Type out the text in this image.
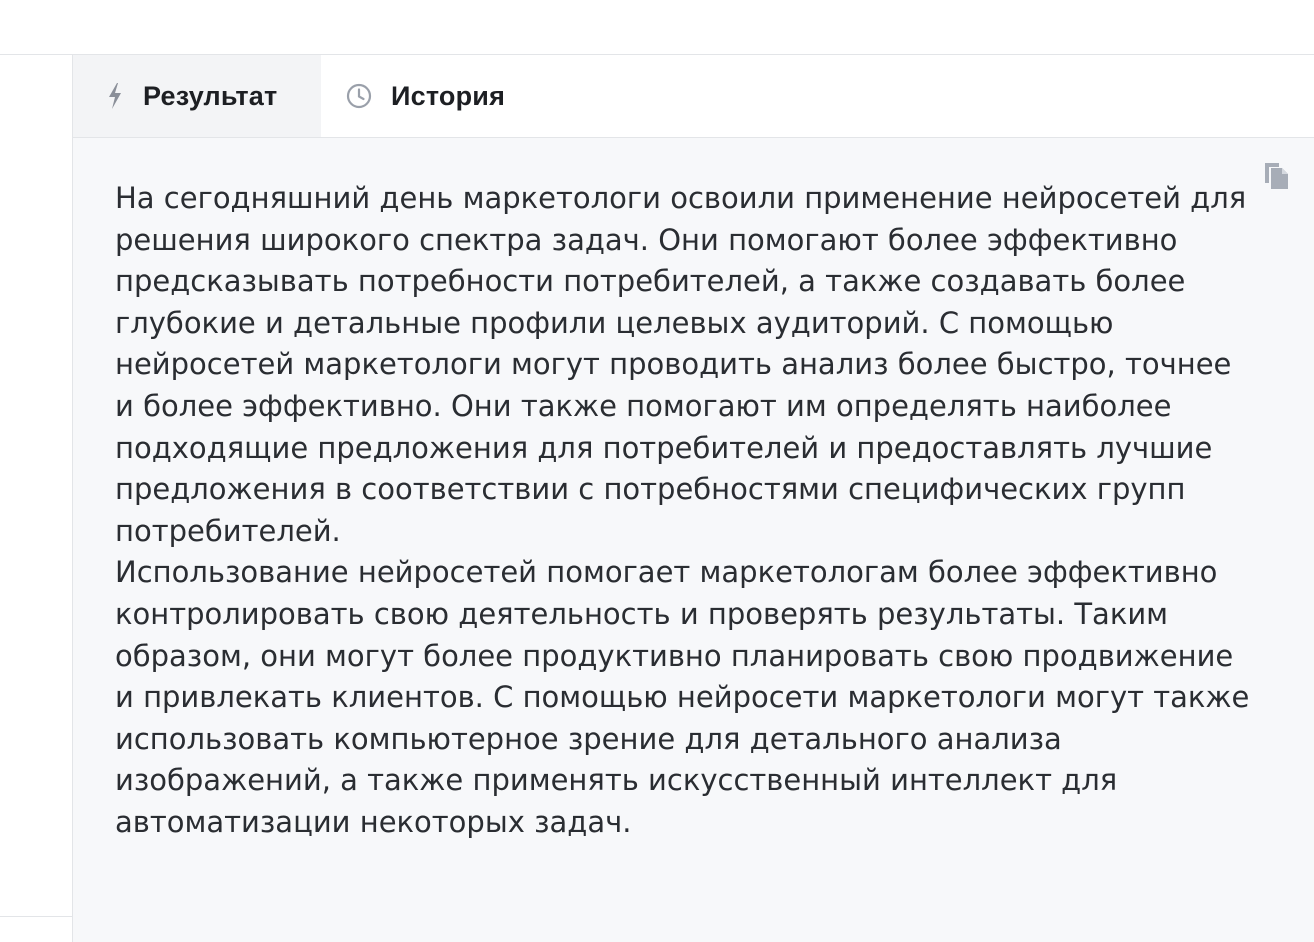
Результат	История

На сегодняшний день маркетологи освоили применение нейросетей для решения широкого спектра задач. Они помогают более эффективно предсказывать потребности потребителей, а также создавать более глубокие и детальные профили целевых аудиторий. С помощью нейросетей маркетологи могут проводить анализ более быстро, точнее и более эффективно. Они также помогают им определять наиболее подходящие предложения для потребителей и предоставлять лучшие предложения в соответствии с потребностями специфических групп потребителей.
Использование нейросетей помогает маркетологам более эффективно контролировать свою деятельность и проверять результаты. Таким образом, они могут более продуктивно планировать свою продвижение и привлекать клиентов. С помощью нейросети маркетологи могут также использовать компьютерное зрение для детального анализа изображений, а также применять искусственный интеллект для автоматизации некоторых задач.
